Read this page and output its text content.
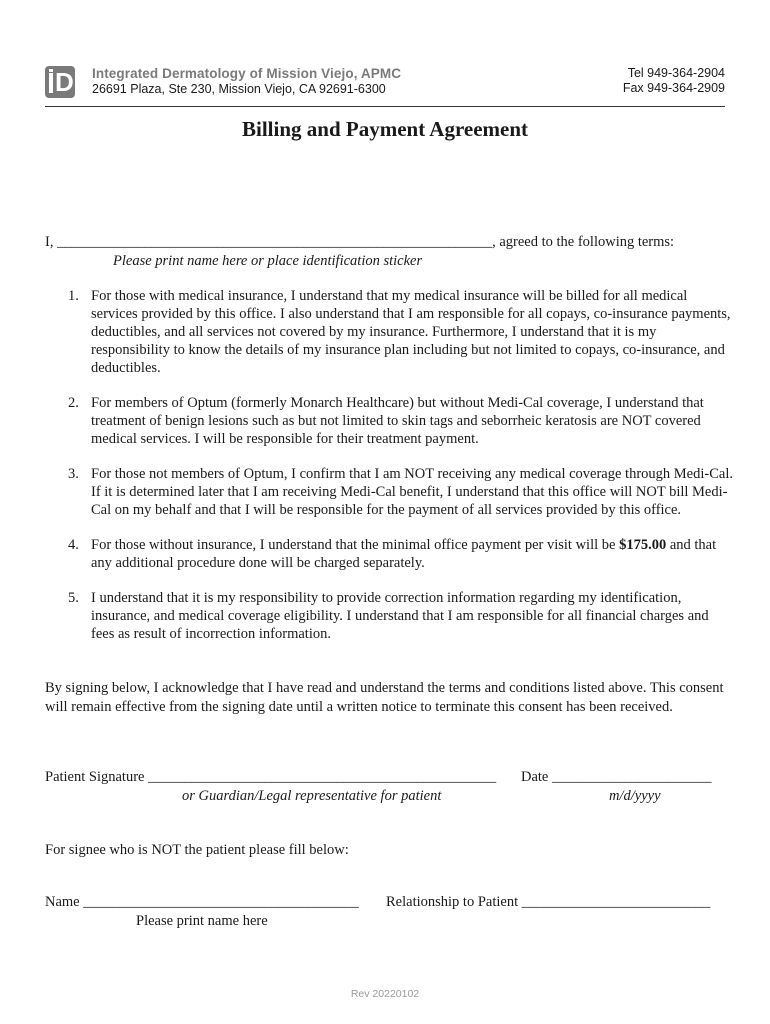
D Integrated Dermatology of Mission Viejo, APMC
26691 Plaza, Ste 230, Mission Viejo, CA 92691-6300
Tel 949-364-2904
Fax 949-364-2909
Billing and Payment Agreement
I, ____________________________________________________________, agreed to the following terms:
Please print name here or place identification sticker
1. For those with medical insurance, I understand that my medical insurance will be billed for all medical services provided by this office. I also understand that I am responsible for all copays, co-insurance payments, deductibles, and all services not covered by my insurance. Furthermore, I understand that it is my responsibility to know the details of my insurance plan including but not limited to copays, co-insurance, and deductibles.
2. For members of Optum (formerly Monarch Healthcare) but without Medi-Cal coverage, I understand that treatment of benign lesions such as but not limited to skin tags and seborrheic keratosis are NOT covered medical services. I will be responsible for their treatment payment.
3. For those not members of Optum, I confirm that I am NOT receiving any medical coverage through Medi-Cal. If it is determined later that I am receiving Medi-Cal benefit, I understand that this office will NOT bill Medi-Cal on my behalf and that I will be responsible for the payment of all services provided by this office.
4. For those without insurance, I understand that the minimal office payment per visit will be $175.00 and that any additional procedure done will be charged separately.
5. I understand that it is my responsibility to provide correction information regarding my identification, insurance, and medical coverage eligibility. I understand that I am responsible for all financial charges and fees as result of incorrection information.
By signing below, I acknowledge that I have read and understand the terms and conditions listed above. This consent will remain effective from the signing date until a written notice to terminate this consent has been received.
Patient Signature ________________________________________________ Date ______________________
or Guardian/Legal representative for patient	m/d/yyyy
For signee who is NOT the patient please fill below:
Name ______________________________________ Relationship to Patient __________________________
Please print name here
Rev 20220102
